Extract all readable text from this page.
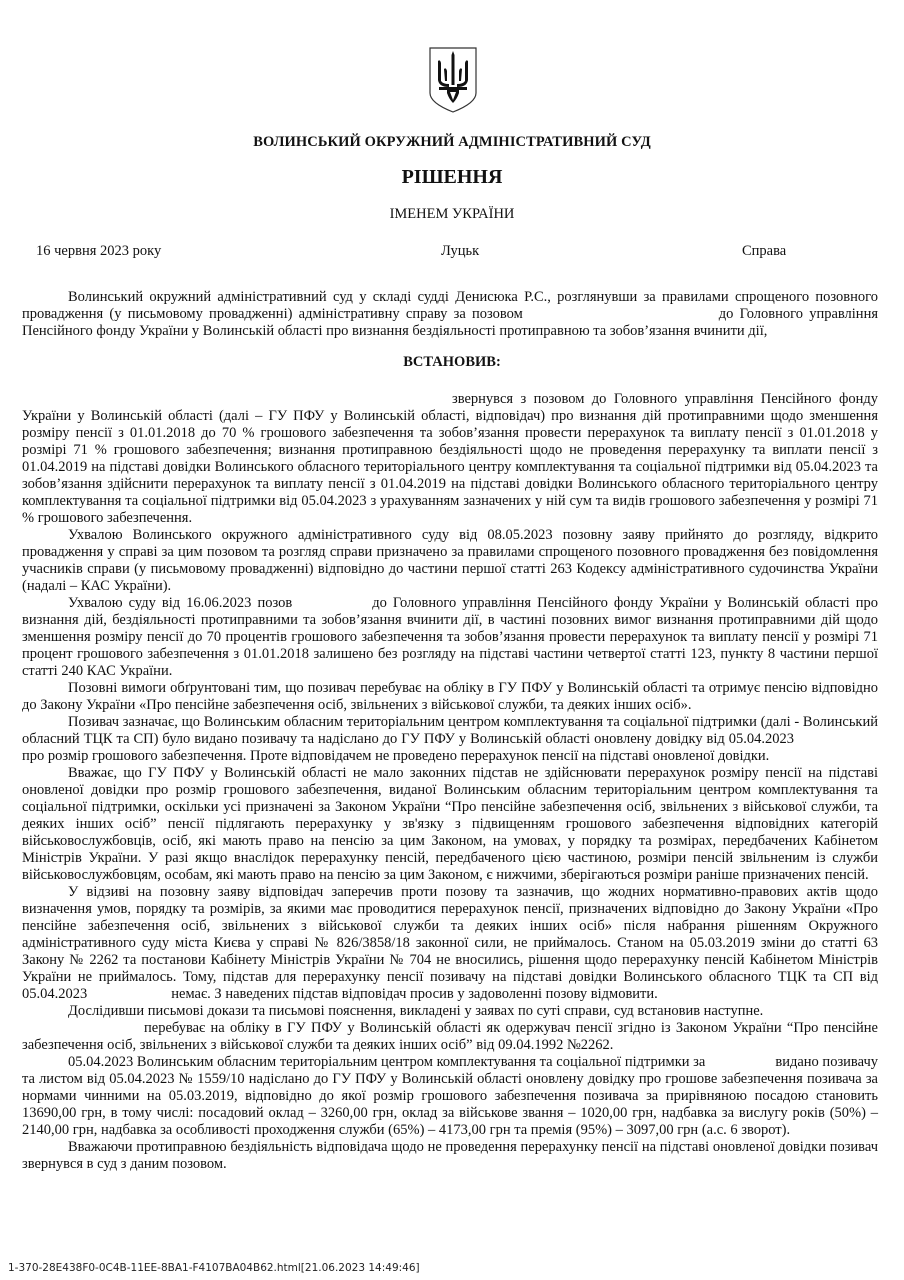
ВОЛИНСЬКИЙ ОКРУЖНИЙ АДМІНІСТРАТИВНИЙ СУД
РІШЕННЯ
ІМЕНЕМ УКРАЇНИ
16 червня 2023 року	Луцьк	Справа

Волинський окружний адміністративний суд у складі судді Денисюка Р.С., розглянувши за правилами спрощеного позовного провадження (у письмовому провадженні) адміністративну справу за позовом	до Головного управління Пенсійного фонду України у Волинській області про визнання бездіяльності протиправною та зобов’язання вчинити дії,

ВСТАНОВИВ:

звернувся з позовом до Головного управління Пенсійного фонду України у Волинській області (далі – ГУ ПФУ у Волинській області, відповідач) про визнання дій протиправними щодо зменшення розміру пенсії з 01.01.2018 до 70 % грошового забезпечення та зобов’язання провести перерахунок та виплату пенсії з 01.01.2018 у розмірі 71 % грошового забезпечення; визнання протиправною бездіяльності щодо не проведення перерахунку та виплати пенсії з 01.04.2019 на підставі довідки Волинського обласного територіального центру комплектування та соціальної підтримки від 05.04.2023 та зобов’язання здійснити перерахунок та виплату пенсії з 01.04.2019 на підставі довідки Волинського обласного територіального центру комплектування та соціальної підтримки від 05.04.2023 з урахуванням зазначених у ній сум та видів грошового забезпечення у розмірі 71 % грошового забезпечення.

Ухвалою Волинського окружного адміністративного суду від 08.05.2023 позовну заяву прийнято до розгляду, відкрито провадження у справі за цим позовом та розгляд справи призначено за правилами спрощеного позовного провадження без повідомлення учасників справи (у письмовому провадженні) відповідно до частини першої статті 263 Кодексу адміністративного судочинства України (надалі – КАС України).

Ухвалою суду від 16.06.2023 позов	до Головного управління Пенсійного фонду України у Волинській області про визнання дій, бездіяльності протиправними та зобов’язання вчинити дії, в частині позовних вимог визнання протиправними дій щодо зменшення розміру пенсії до 70 процентів грошового забезпечення та зобов’язання провести перерахунок та виплату пенсії у розмірі 71 процент грошового забезпечення з 01.01.2018 залишено без розгляду на підставі частини четвертої статті 123, пункту 8 частини першої статті 240 КАС України.

Позовні вимоги обґрунтовані тим, що позивач перебуває на обліку в ГУ ПФУ у Волинській області та отримує пенсію відповідно до Закону України «Про пенсійне забезпечення осіб, звільнених з військової служби, та деяких інших осіб».

Позивач зазначає, що Волинським обласним територіальним центром комплектування та соціальної підтримки (далі - Волинський обласний ТЦК та СП) було видано позивачу та надіслано до ГУ ПФУ у Волинській області оновлену довідку від 05.04.2023про розмір грошового забезпечення. Проте відповідачем не проведено перерахунок пенсії на підставі оновленої довідки.

Вважає, що ГУ ПФУ у Волинській області не мало законних підстав не здійснювати перерахунок розміру пенсії на підставі оновленої довідки про розмір грошового забезпечення, виданої Волинським обласним територіальним центром комплектування та соціальної підтримки, оскільки усі призначені за Законом України “Про пенсійне забезпечення осіб, звільнених з військової служби, та деяких інших осіб” пенсії підлягають перерахунку у зв'язку з підвищенням грошового забезпечення відповідних категорій військовослужбовців, осіб, які мають право на пенсію за цим Законом, на умовах, у порядку та розмірах, передбачених Кабінетом Міністрів України. У разі якщо внаслідок перерахунку пенсій, передбаченого цією частиною, розміри пенсій звільненим із служби військовослужбовцям, особам, які мають право на пенсію за цим Законом, є нижчими, зберігаються розміри раніше призначених пенсій.

У відзиві на позовну заяву відповідач заперечив проти позову та зазначив, що жодних нормативно-правових актів щодо визначення умов, порядку та розмірів, за якими має проводитися перерахунок пенсії, призначених відповідно до Закону України «Про пенсійне забезпечення осіб, звільнених з військової служби та деяких інших осіб» після набрання рішенням Окружного адміністративного суду міста Києва у справі № 826/3858/18 законної сили, не приймалось. Станом на 05.03.2019 зміни до статті 63 Закону № 2262 та постанови Кабінету Міністрів України № 704 не вносились, рішення щодо перерахунку пенсій Кабінетом Міністрів України не приймалось. Тому, підстав для перерахунку пенсії позивачу на підставі довідки Волинського обласного ТЦК та СП від 05.04.2023	немає. З наведених підстав відповідач просив у задоволенні позову відмовити.

Дослідивши письмові докази та письмові пояснення, викладені у заявах по суті справи, суд встановив наступне.

перебуває на обліку в ГУ ПФУ у Волинській області як одержувач пенсії згідно із Законом України “Про пенсійне забезпечення осіб, звільнених з військової служби та деяких інших осіб” від 09.04.1992 №2262.

05.04.2023 Волинським обласним територіальним центром комплектування та соціальної підтримки за	видано позивачу та листом від 05.04.2023 № 1559/10 надіслано до ГУ ПФУ у Волинській області оновлену довідку про грошове забезпечення позивача за нормами чинними на 05.03.2019, відповідно до якої розмір грошового забезпечення позивача за прирівняною посадою становить 13690,00 грн, в тому числі: посадовий оклад – 3260,00 грн, оклад за військове звання – 1020,00 грн, надбавка за вислугу років (50%) – 2140,00 грн, надбавка за особливості проходження служби (65%) – 4173,00 грн та премія (95%) – 3097,00 грн (а.с. 6 зворот).

Вважаючи протиправною бездіяльність відповідача щодо не проведення перерахунку пенсії на підставі оновленої довідки позивач звернувся в суд з даним позовом.

1-370-28E438F0-0C4B-11EE-8BA1-F4107BA04B62.html[21.06.2023 14:49:46]
